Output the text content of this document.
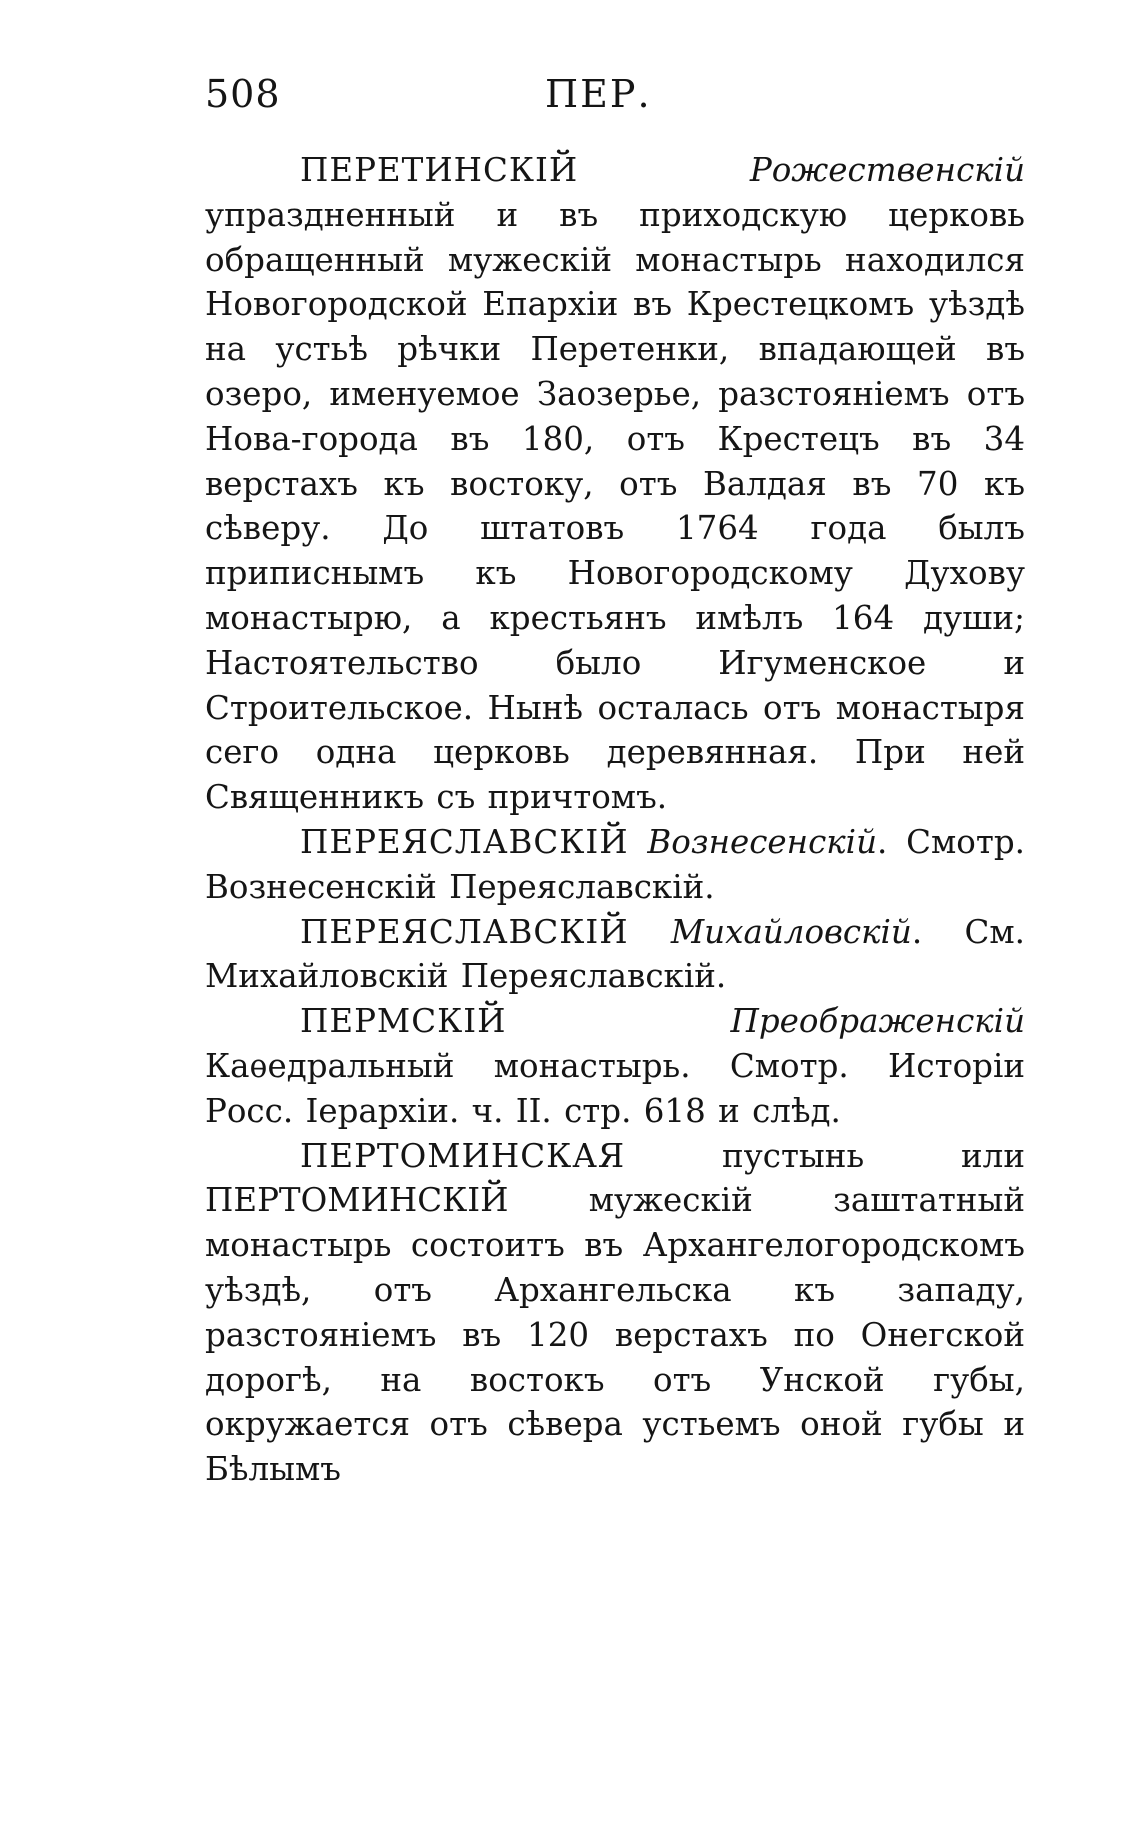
508	ПЕР.

ПЕРЕТИНСКIЙ	Рожественскiй упраздненный и въ приходскую церковь обращенный мужескiй монастырь находился Новогородской Епархiи въ Крестецкомъ уѣздѣ на устьѣ рѣчки Перетенки, впадающей въ озеро, именуемое Заозерье, разстоянiемъ отъ Нова-города въ 180, отъ Крестецъ въ 34 верстахъ къ востоку, отъ Валдая въ 70 къ сѣверу. До штатовъ 1764 года былъ приписнымъ къ Новогородскому Духову монастырю, а крестьянъ имѣлъ 164 души; Настоятельство было Игуменское и Строительское. Нынѣ осталась отъ монастыря сего одна церковь деревянная. При ней Священникъ съ причтомъ.

ПЕРЕЯСЛАВСКIЙ Вознесенскiй. Смотр. Вознесенскiй Переяславскiй.

ПЕРЕЯСЛАВСКIЙ Михайловскiй. См. Михайловскiй Переяславскiй.

ПЕРМСКIЙ	Преображенскiй Каѳедральный монастырь. Смотр. Исторiи Росс. Iерархiи. ч. II. стр. 618 и слѣд.

ПЕРТОМИНСКАЯ пустынь или ПЕРТОМИНСКIЙ мужескiй заштатный монастырь состоитъ въ Архангелогородскомъ уѣздѣ, отъ Архангельска къ западу, разстоянiемъ въ 120 верстахъ по Онегской дорогѣ, на востокъ отъ Унской губы, окружается отъ сѣвера устьемъ оной губы и Бѣлымъ
